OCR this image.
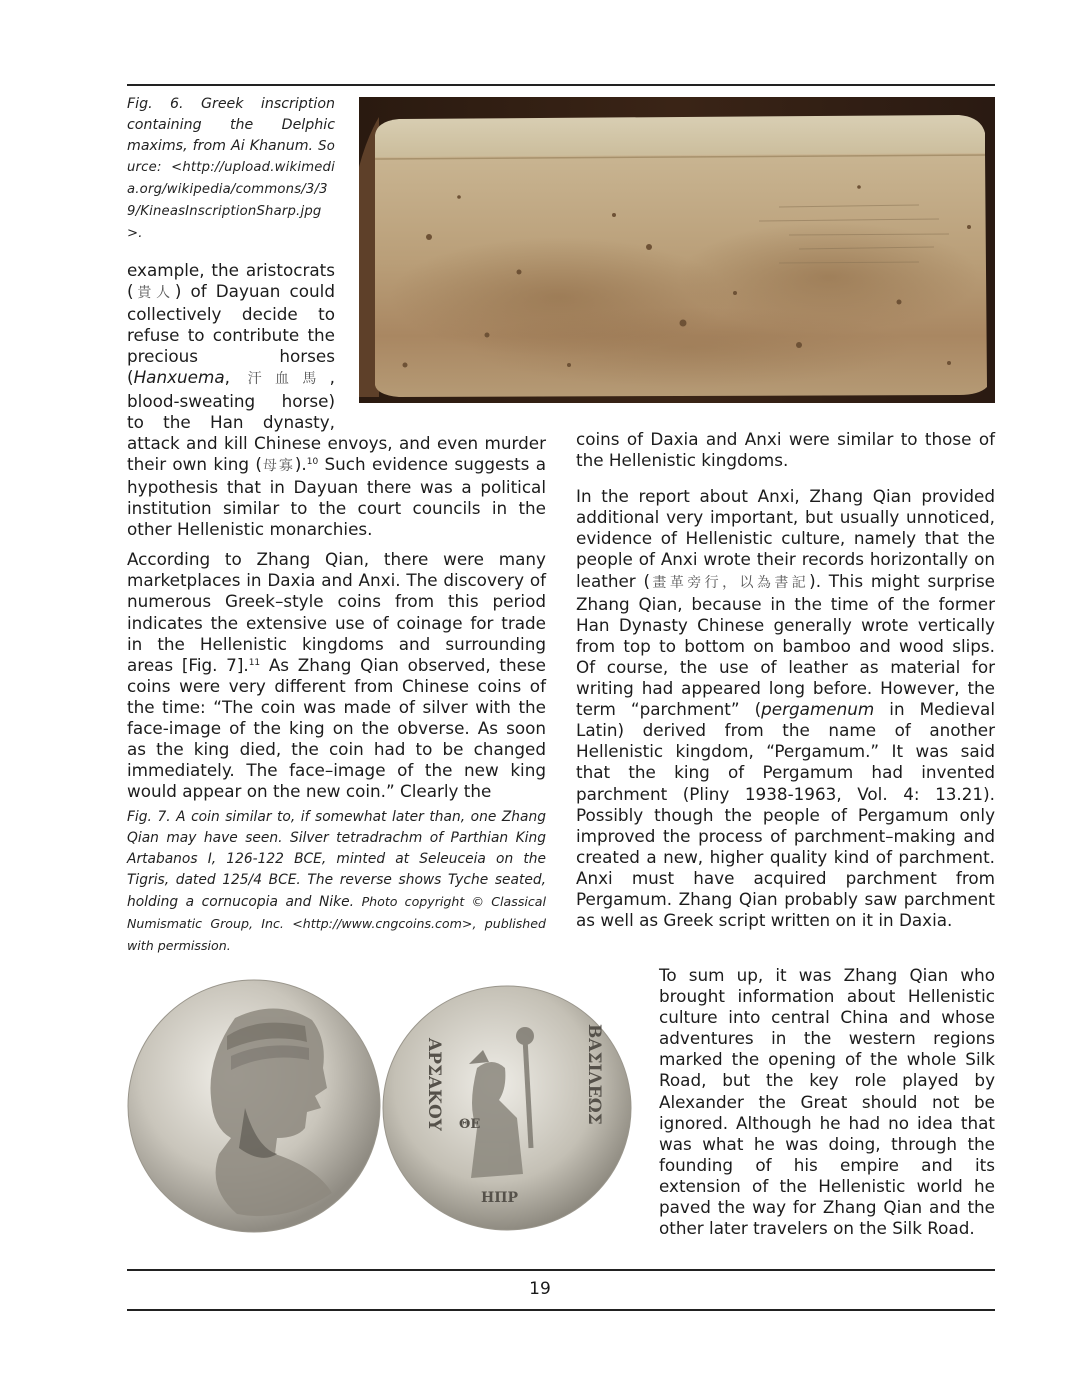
Fig. 6. Greek inscription containing the Delphic maxims, from Ai Khanum. Source: <http://upload.wikimedia.org/wikipedia/commons/3/39/KineasInscriptionSharp.jpg>.

example, the aristocrats (貴人) of Dayuan could collectively decide to refuse to contribute the precious horses (Hanxuema, 汗血馬, blood-sweating horse) to the Han dynasty, attack and kill Chinese envoys, and even murder their own king (母寡).$^{10}$ Such evidence suggests a hypothesis that in Dayuan there was a political institution similar to the court councils in the other Hellenistic monarchies.

According to Zhang Qian, there were many marketplaces in Daxia and Anxi. The discovery of numerous Greek–style coins from this period indicates the extensive use of coinage for trade in the Hellenistic kingdoms and surrounding areas [Fig. 7].$^{11}$ As Zhang Qian observed, these coins were very different from Chinese coins of the time: “The coin was made of silver with the face-image of the king on the obverse. As soon as the king died, the coin had to be changed immediately. The face–image of the new king would appear on the new coin.” Clearly the

Fig. 7. A coin similar to, if somewhat later than, one Zhang Qian may have seen. Silver tetradrachm of Parthian King Artabanos I, 126-122 BCE, minted at Seleuceia on the Tigris, dated 125/4 BCE. The reverse shows Tyche seated, holding a cornucopia and Nike. Photo copyright © Classical Numismatic Group, Inc. <http://www.cngcoins.com>, published with permission.
ΑΡΣΑΚΟΥ	ΒΑΣΙΛΕΩΣ
ΘΕ
ΗΠΡ

coins of Daxia and Anxi were similar to those of the Hellenistic kingdoms.

In the report about Anxi, Zhang Qian provided additional very important, but usually unnoticed, evidence of Hellenistic culture, namely that the people of Anxi wrote their records horizontally on leather (畫革旁行，以為書記). This might surprise Zhang Qian, because in the time of the former Han Dynasty Chinese generally wrote vertically from top to bottom on bamboo and wood slips. Of course, the use of leather as material for writing had appeared long before. However, the term “parchment” (pergamenum in Medieval Latin) derived from the name of another Hellenistic kingdom, “Pergamum.” It was said that the king of Pergamum had invented parchment (Pliny 1938-1963, Vol. 4: 13.21). Possibly though the people of Pergamum only improved the process of parchment–making and created a new, higher quality kind of parchment. Anxi must have acquired parchment from Pergamum. Zhang Qian probably saw parchment as well as Greek script written on it in Daxia.

To sum up, it was Zhang Qian who brought information about Hellenistic culture into central China and whose adventures in the western regions marked the opening of the whole Silk Road, but the key role played by Alexander the Great should not be ignored. Although he had no idea that was what he was doing, through the founding of his empire and its extension of the Hellenistic world he paved the way for Zhang Qian and the other later travelers on the Silk Road.

19
